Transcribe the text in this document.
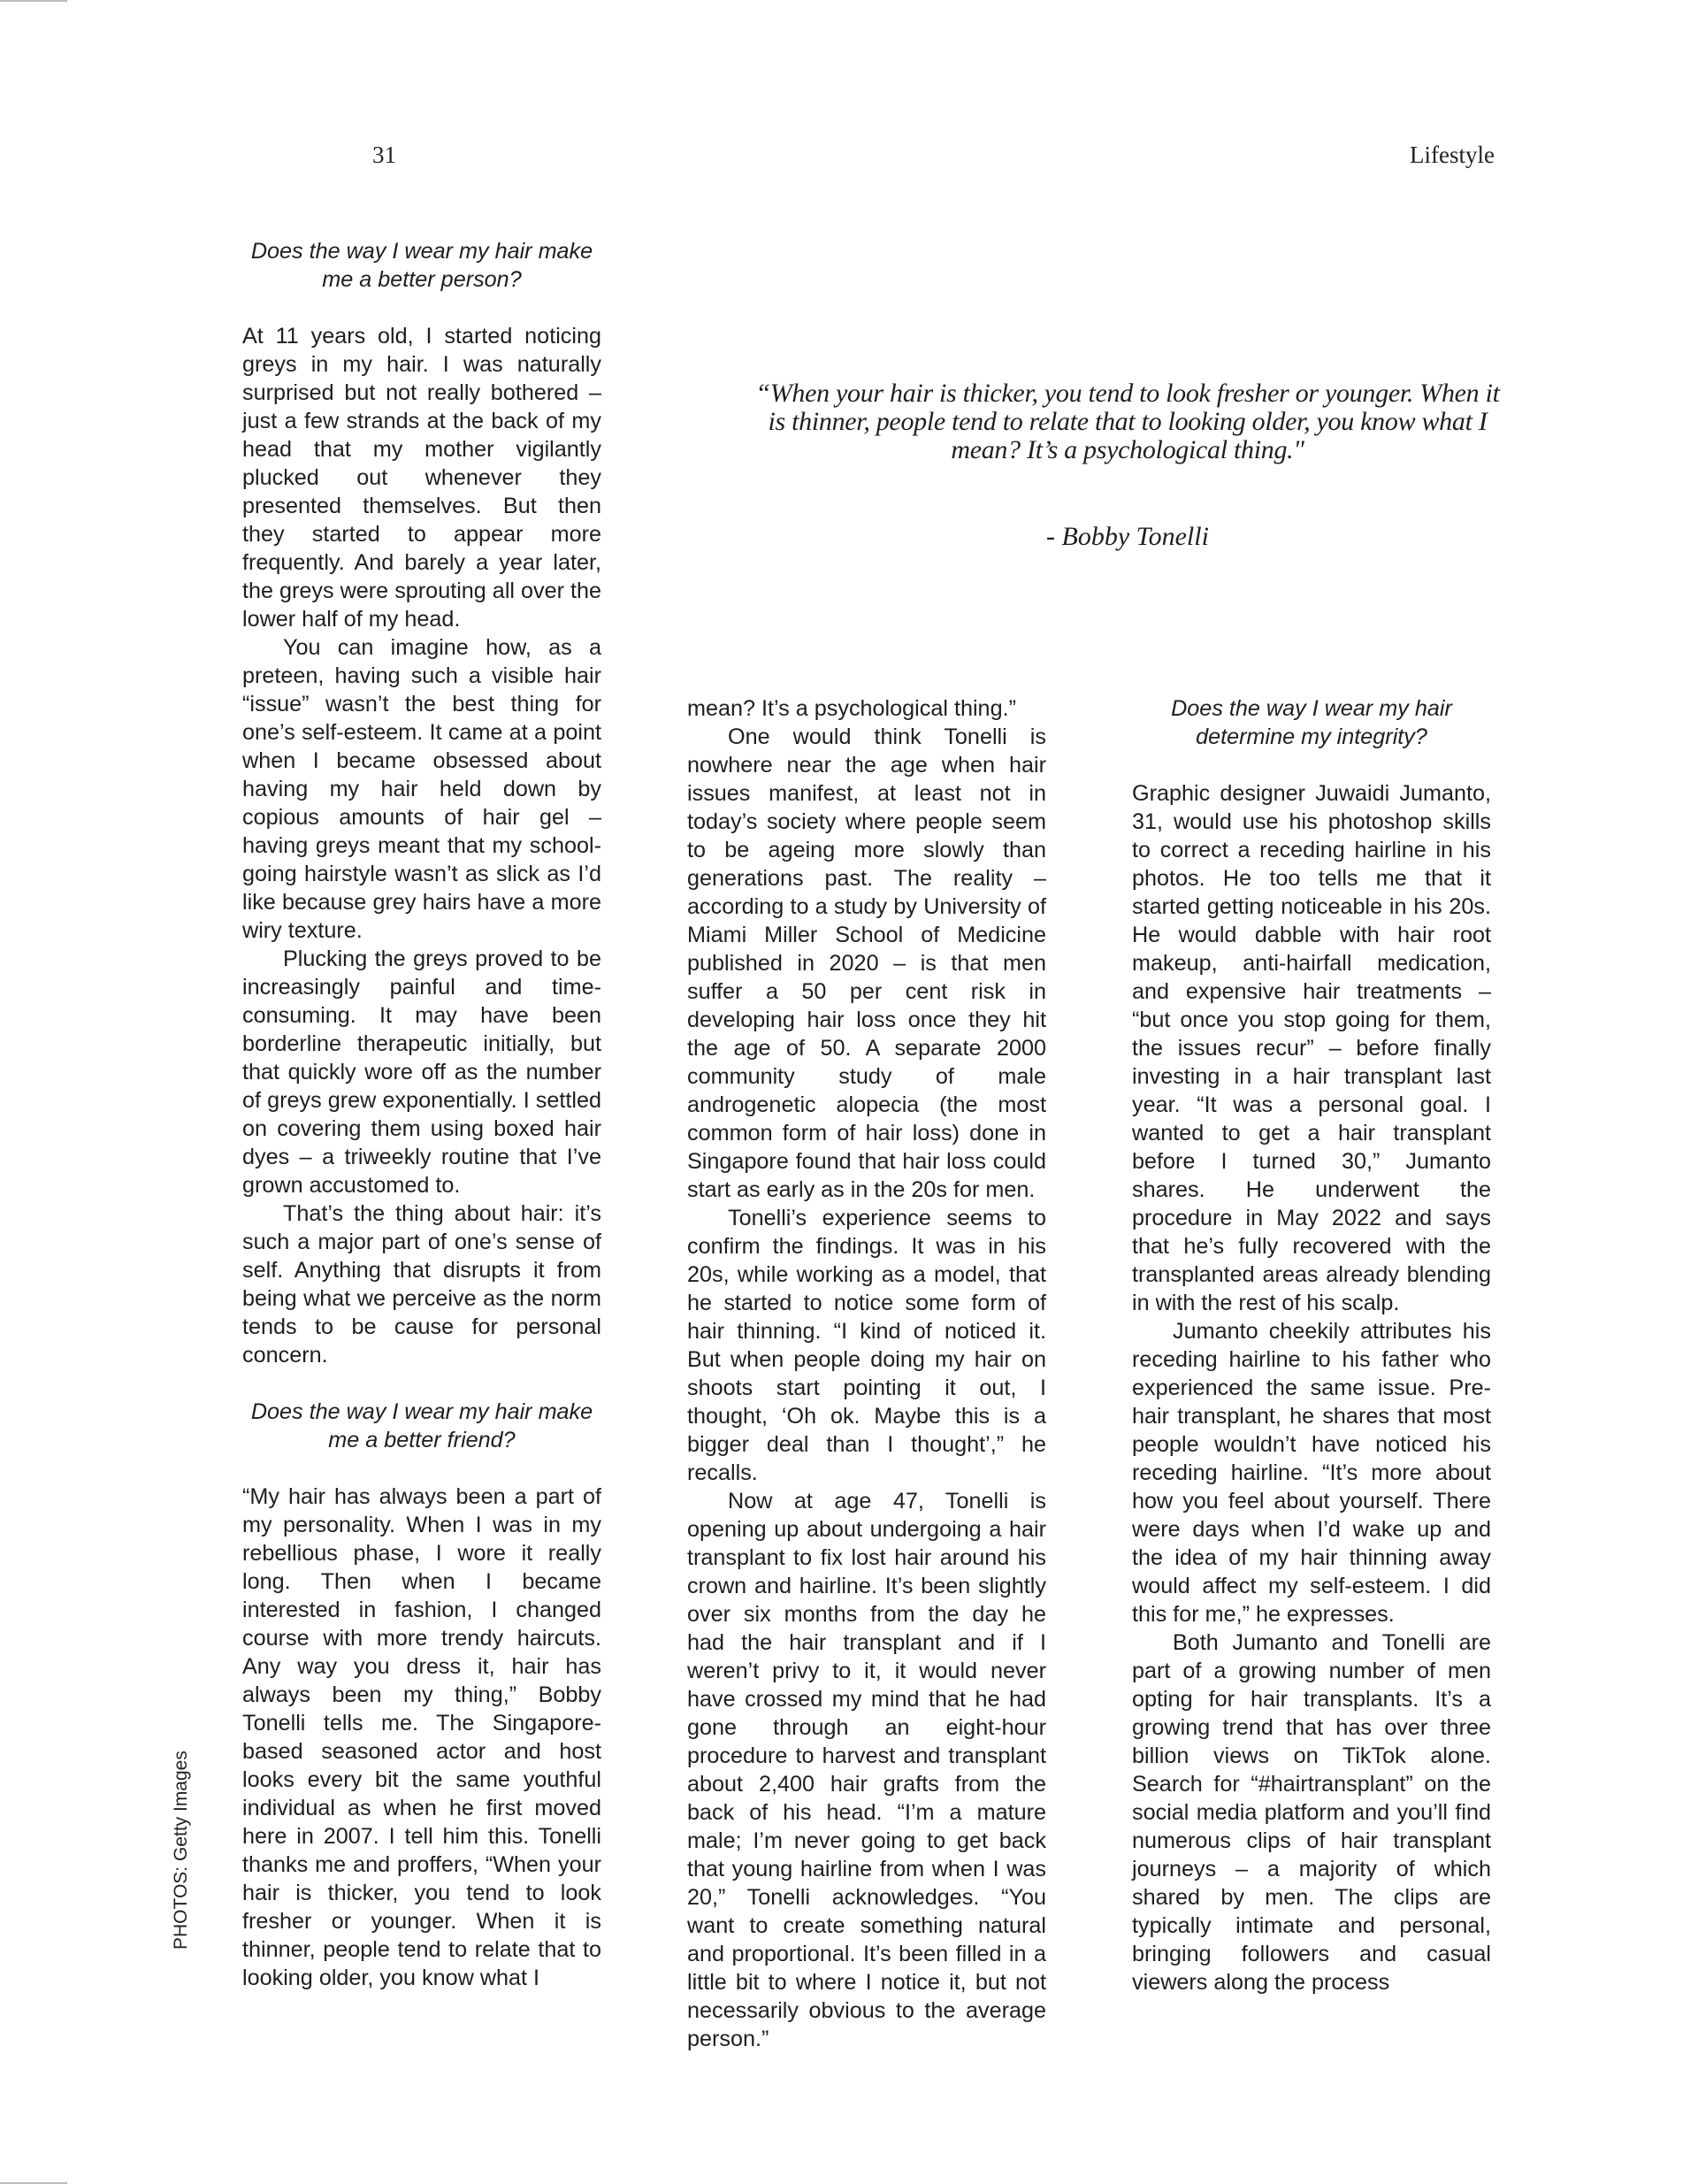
31	Lifestyle
PHOTOS: Getty Images

Does the way I wear my hair make me a better person?

At 11 years old, I started noticing greys in my hair. I was naturally surprised but not really bothered – just a few strands at the back of my head that my mother vigilantly plucked out whenever they presented themselves. But then they started to appear more frequently. And barely a year later, the greys were sprouting all over the lower half of my head.

You can imagine how, as a preteen, having such a visible hair “issue” wasn’t the best thing for one’s self-esteem. It came at a point when I became obsessed about having my hair held down by copious amounts of hair gel – having greys meant that my school-going hairstyle wasn’t as slick as I’d like because grey hairs have a more wiry texture.

Plucking the greys proved to be increasingly painful and time-consuming. It may have been borderline therapeutic initially, but that quickly wore off as the number of greys grew exponentially. I settled on covering them using boxed hair dyes – a triweekly routine that I’ve grown accustomed to.

That’s the thing about hair: it’s such a major part of one’s sense of self. Anything that disrupts it from being what we perceive as the norm tends to be cause for personal concern.

Does the way I wear my hair make me a better friend?

“My hair has always been a part of my personality. When I was in my rebellious phase, I wore it really long. Then when I became interested in fashion, I changed course with more trendy haircuts. Any way you dress it, hair has always been my thing,” Bobby Tonelli tells me. The Singapore-based seasoned actor and host looks every bit the same youthful individual as when he first moved here in 2007. I tell him this. Tonelli thanks me and proffers, “When your hair is thicker, you tend to look fresher or younger. When it is thinner, people tend to relate that to looking older, you know what I

“When your hair is thicker, you tend to look fresher or younger. When it is thinner, people tend to relate that to looking older, you know what I mean? It’s a psychological thing."
- Bobby Tonelli

mean? It’s a psychological thing.”

One would think Tonelli is nowhere near the age when hair issues manifest, at least not in today’s society where people seem to be ageing more slowly than generations past. The reality – according to a study by University of Miami Miller School of Medicine published in 2020 – is that men suffer a 50 per cent risk in developing hair loss once they hit the age of 50. A separate 2000 community study of male androgenetic alopecia (the most common form of hair loss) done in Singapore found that hair loss could start as early as in the 20s for men.

Tonelli’s experience seems to confirm the findings. It was in his 20s, while working as a model, that he started to notice some form of hair thinning. “I kind of noticed it. But when people doing my hair on shoots start pointing it out, I thought, ‘Oh ok. Maybe this is a bigger deal than I thought’,” he recalls.

Now at age 47, Tonelli is opening up about undergoing a hair transplant to fix lost hair around his crown and hairline. It’s been slightly over six months from the day he had the hair transplant and if I weren’t privy to it, it would never have crossed my mind that he had gone through an eight-hour procedure to harvest and transplant about 2,400 hair grafts from the back of his head. “I’m a mature male; I’m never going to get back that young hairline from when I was 20,” Tonelli acknowledges. “You want to create something natural and proportional. It’s been filled in a little bit to where I notice it, but not necessarily obvious to the average person.”

Does the way I wear my hair determine my integrity?

Graphic designer Juwaidi Jumanto, 31, would use his photoshop skills to correct a receding hairline in his photos. He too tells me that it started getting noticeable in his 20s. He would dabble with hair root makeup, anti-hairfall medication, and expensive hair treatments – “but once you stop going for them, the issues recur” – before finally investing in a hair transplant last year. “It was a personal goal. I wanted to get a hair transplant before I turned 30,” Jumanto shares. He underwent the procedure in May 2022 and says that he’s fully recovered with the transplanted areas already blending in with the rest of his scalp.

Jumanto cheekily attributes his receding hairline to his father who experienced the same issue. Pre-hair transplant, he shares that most people wouldn’t have noticed his receding hairline. “It’s more about how you feel about yourself. There were days when I’d wake up and the idea of my hair thinning away would affect my self-esteem. I did this for me,” he expresses.

Both Jumanto and Tonelli are part of a growing number of men opting for hair transplants. It’s a growing trend that has over three billion views on TikTok alone. Search for “#hairtransplant” on the social media platform and you’ll find numerous clips of hair transplant journeys – a majority of which shared by men. The clips are typically intimate and personal, bringing followers and casual viewers along the process
